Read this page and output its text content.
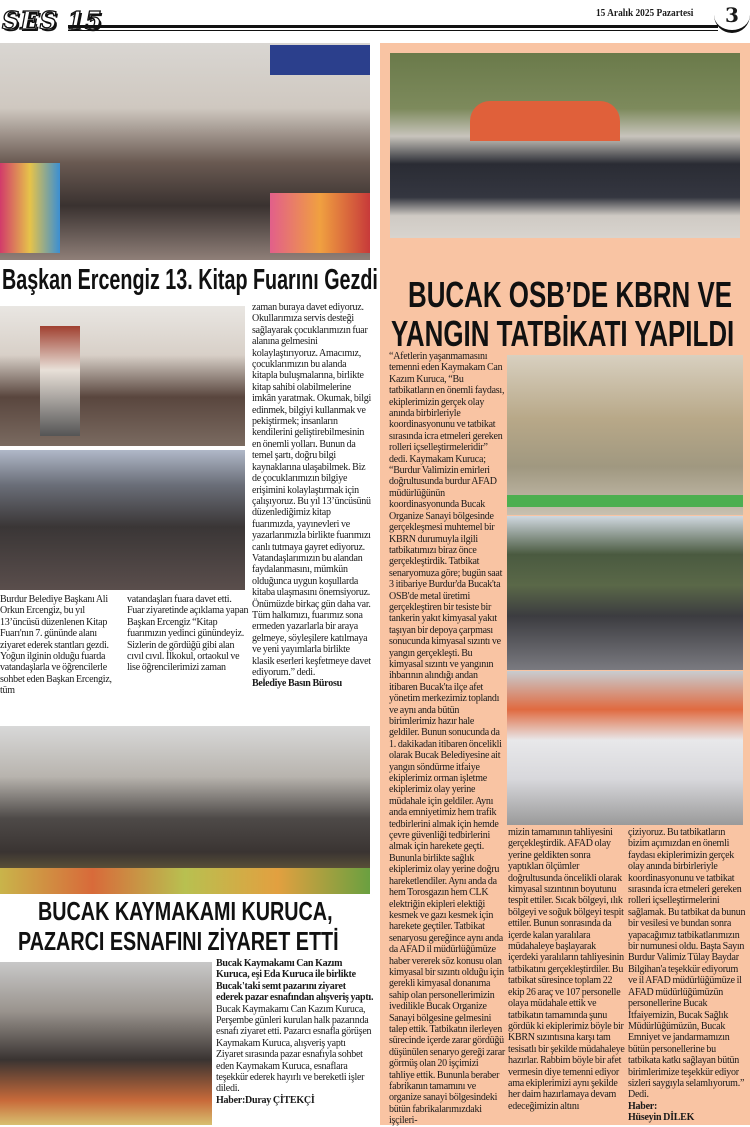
SES 15	15 Aralık 2025 Pazartesi	3
Başkan Ercengiz 13. Kitap Fuarını Gezdi
Burdur Belediye Başkanı Ali Orkun Ercengiz, bu yıl 13’üncüsü düzenlenen Kitap Fuarı'nın 7. gününde alanı ziyaret ederek stantları gezdi. Yoğun ilginin olduğu fuarda vatandaşlarla ve öğrencilerle sohbet eden Başkan Ercengiz, tüm
vatandaşları fuara davet etti. Fuar ziyaretinde açıklama yapan Başkan Ercengiz “Kitap fuarımızın yedinci günündeyiz. Sizlerin de gördüğü gibi alan cıvıl cıvıl. İlkokul, ortaokul ve lise öğrencilerimizi zaman

zaman buraya davet ediyoruz. Okullarımıza servis desteği sağlayarak çocuklarımızın fuar alanına gelmesini kolaylaştırıyoruz. Amacımız, çocuklarımızın bu alanda kitapla buluşmalarına, birlikte kitap sahibi olabilmelerine imkân yaratmak. Okumak, bilgi edinmek, bilgiyi kullanmak ve pekiştirmek; insanların kendilerini geliştirebilmesinin en önemli yolları. Bunun da temel şartı, doğru bilgi kaynaklarına ulaşabilmek. Biz de çocuklarımızın bilgiye erişimini kolaylaştırmak için çalışıyoruz. Bu yıl 13’üncüsünü düzenlediğimiz kitap fuarımızda, yayınevleri ve yazarlarımızla birlikte fuarımızı canlı tutmaya gayret ediyoruz. Vatandaşlarımızın bu alandan faydalanmasını, mümkün olduğunca uygun koşullarda kitaba ulaşmasını önemsiyoruz. Önümüzde birkaç gün daha var. Tüm halkımızı, fuarımız sona ermeden yazarlarla bir araya gelmeye, söyleşilere katılmaya ve yeni yayımlarla birlikte klasik eserleri keşfetmeye davet ediyorum.” dedi.

Belediye Basın Bürosu

BUCAK KAYMAKAMI KURUCA,
PAZARCI ESNAFINI ZİYARET ETTİ

Bucak Kaymakamı Can Kazım Kuruca, eşi Eda Kuruca ile birlikte Bucak'taki semt pazarını ziyaret ederek pazar esnafından alışveriş yaptı.

Bucak Kaymakamı Can Kazım Kuruca, Perşembe günleri kurulan halk pazarında esnafı ziyaret etti. Pazarcı esnafla görüşen Kaymakam Kuruca, alışveriş yaptı Ziyaret sırasında pazar esnafıyla sohbet eden Kaymakam Kuruca, esnaflara teşekkür ederek hayırlı ve bereketli işler diledi.

Haber:Duray ÇİTEKÇİ

BUCAK OSB’DE KBRN VE
YANGIN TATBİKATI YAPILDI
“Afetlerin yaşanmamasını temenni eden Kaymakam Can Kazım Kuruca, “Bu tatbikatların en önemli faydası, ekiplerimizin gerçek olay anında birbirleriyle koordinasyonunu ve tatbikat sırasında icra etmeleri gereken rolleri içselleştirmeleridir” dedi. Kaymakam Kuruca; “Burdur Valimizin emirleri doğrultusunda burdur AFAD müdürlüğünün koordinasyonunda Bucak Organize Sanayi bölgesinde gerçekleşmesi muhtemel bir KBRN durumuyla ilgili tatbikatımızı biraz önce gerçekleştirdik. Tatbikat senaryomuza göre; bugün saat 3 itibariye Burdur'da Bucak'ta OSB'de metal üretimi gerçekleştiren bir tesiste bir tankerin yakıt kimyasal yakıt taşıyan bir depoya çarpması sonucunda kimyasal sızıntı ve yangın gerçekleşti. Bu kimyasal sızıntı ve yangının ihbarının alındığı andan itibaren Bucak'ta ilçe afet yönetim merkezimiz toplandı ve aynı anda bütün birimlerimiz hazır hale geldiler. Bunun sonucunda da 1. dakikadan itibaren öncelikli olarak Bucak Belediyesine ait yangın söndürme itfaiye ekiplerimiz orman işletme ekiplerimiz olay yerine müdahale için geldiler. Aynı anda emniyetimiz hem trafik tedbirlerini almak için hemde çevre güvenliği tedbirlerini almak için harekete geçti. Bununla birlikte sağlık ekiplerimiz olay yerine doğru hareketlendiler. Aynı anda da hem Torosgazın hem CLK elektriğin ekipleri elektiği kesmek ve gazı kesmek için harekete geçtiler. Tatbikat senaryosu gereğince aynı anda da AFAD il müdürlüğümüze haber vererek söz konusu olan kimyasal bir sızıntı olduğu için gerekli kimyasal donanıma sahip olan personellerimizin ivedilikle Bucak Organize Sanayi bölgesine gelmesini talep ettik. Tatbikatın ilerleyen sürecinde içerde zarar gördüğü düşünülen senaryo gereği zarar görmüş olan 20 işçimizi tahliye ettik. Bununla beraber fabrikanın tamamını ve organize sanayi bölgesindeki bütün fabrikalarımızdaki işçileri-
mizin tamamının tahliyesini gerçekleştirdik. AFAD olay yerine geldikten sonra yaptıkları ölçümler doğrultusunda öncelikli olarak kimyasal sızıntının boyutunu tespit ettiler. Sıcak bölgeyi, ılık bölgeyi ve soğuk bölgeyi tespit ettiler. Bunun sonrasında da içerde kalan yaralılara müdahaleye başlayarak içerdeki yaralıların tahliyesinin tatbikatını gerçekleştirdiler. Bu tatbikat süresince toplam 22 ekip 26 araç ve 107 personelle olaya müdahale ettik ve tatbikatın tamamında şunu gördük ki ekiplerimiz böyle bir KBRN sızıntısına karşı tam tesisatlı bir şekilde müdahaleye hazırlar. Rabbim böyle bir afet vermesin diye temenni ediyor ama ekiplerimizi aynı şekilde her daim hazırlamaya devam edeceğimizin altını

çiziyoruz. Bu tatbikatların bizim açımızdan en önemli faydası ekiplerimizin gerçek olay anında birbirleriyle koordinasyonunu ve tatbikat sırasında icra etmeleri gereken rolleri içselleştirmelerini sağlamak. Bu tatbikat da bunun bir vesilesi ve bundan sonra yapacağımız tatbikatlarımızın bir numunesi oldu. Başta Sayın Burdur Valimiz Tülay Baydar Bilgihan'a teşekkür ediyorum ve il AFAD müdürlüğümüze il AFAD müdürlüğümüzün personellerine Bucak İtfaiyemizin, Bucak Sağlık Müdürlüğümüzün, Bucak Emniyet ve jandarmamızın bütün personellerine bu tatbikata katkı sağlayan bütün birimlerimize teşekkür ediyor sizleri saygıyla selamlıyorum.” Dedi.

Haber:

Hüseyin DİLEK
